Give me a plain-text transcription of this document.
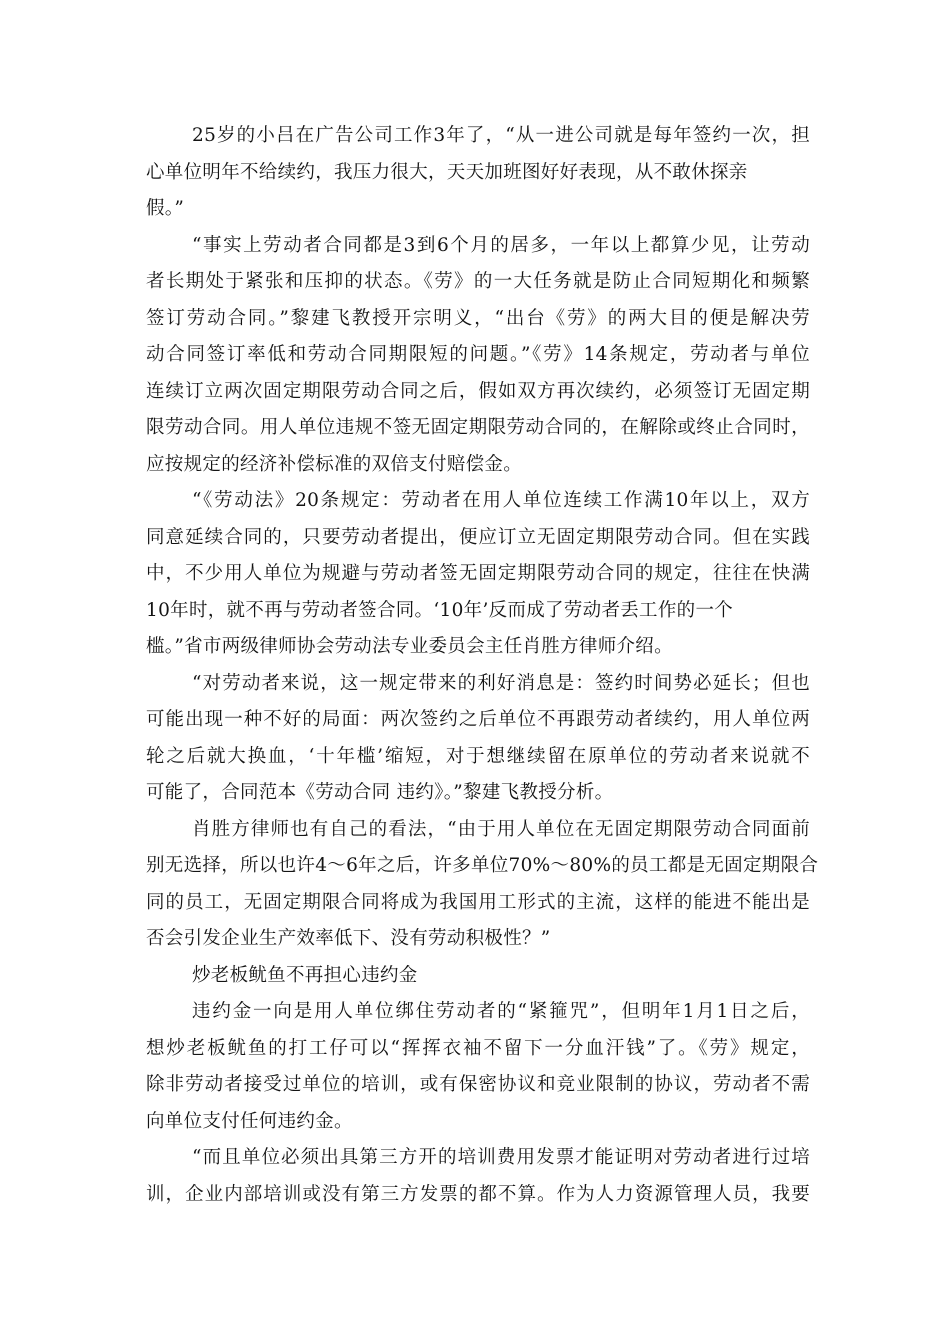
25岁的小吕在广告公司工作3年了，“从一进公司就是每年签约一次，担
心单位明年不给续约，我压力很大，天天加班图好好表现，从不敢休探亲
假。”
“事实上劳动者合同都是3到6个月的居多，一年以上都算少见，让劳动
者长期处于紧张和压抑的状态。《劳》的一大任务就是防止合同短期化和频繁
签订劳动合同。”黎建飞教授开宗明义，“出台《劳》的两大目的便是解决劳
动合同签订率低和劳动合同期限短的问题。”《劳》14条规定，劳动者与单位
连续订立两次固定期限劳动合同之后，假如双方再次续约，必须签订无固定期
限劳动合同。用人单位违规不签无固定期限劳动合同的，在解除或终止合同时，
应按规定的经济补偿标准的双倍支付赔偿金。
“《劳动法》20条规定：劳动者在用人单位连续工作满10年以上，双方
同意延续合同的，只要劳动者提出，便应订立无固定期限劳动合同。但在实践
中，不少用人单位为规避与劳动者签无固定期限劳动合同的规定，往往在快满
10年时，就不再与劳动者签合同。‘10年’反而成了劳动者丢工作的一个
槛。”省市两级律师协会劳动法专业委员会主任肖胜方律师介绍。
“对劳动者来说，这一规定带来的利好消息是：签约时间势必延长；但也
可能出现一种不好的局面：两次签约之后单位不再跟劳动者续约，用人单位两
轮之后就大换血，‘十年槛’缩短，对于想继续留在原单位的劳动者来说就不
可能了，合同范本《劳动合同 违约》。”黎建飞教授分析。
肖胜方律师也有自己的看法，“由于用人单位在无固定期限劳动合同面前
别无选择，所以也许4～6年之后，许多单位70%～80%的员工都是无固定期限合
同的员工，无固定期限合同将成为我国用工形式的主流，这样的能进不能出是
否会引发企业生产效率低下、没有劳动积极性？”
炒老板鱿鱼不再担心违约金
违约金一向是用人单位绑住劳动者的“紧箍咒”，但明年1月1日之后，
想炒老板鱿鱼的打工仔可以“挥挥衣袖不留下一分血汗钱”了。《劳》规定，
除非劳动者接受过单位的培训，或有保密协议和竞业限制的协议，劳动者不需
向单位支付任何违约金。
“而且单位必须出具第三方开的培训费用发票才能证明对劳动者进行过培
训，企业内部培训或没有第三方发票的都不算。作为人力资源管理人员，我要
